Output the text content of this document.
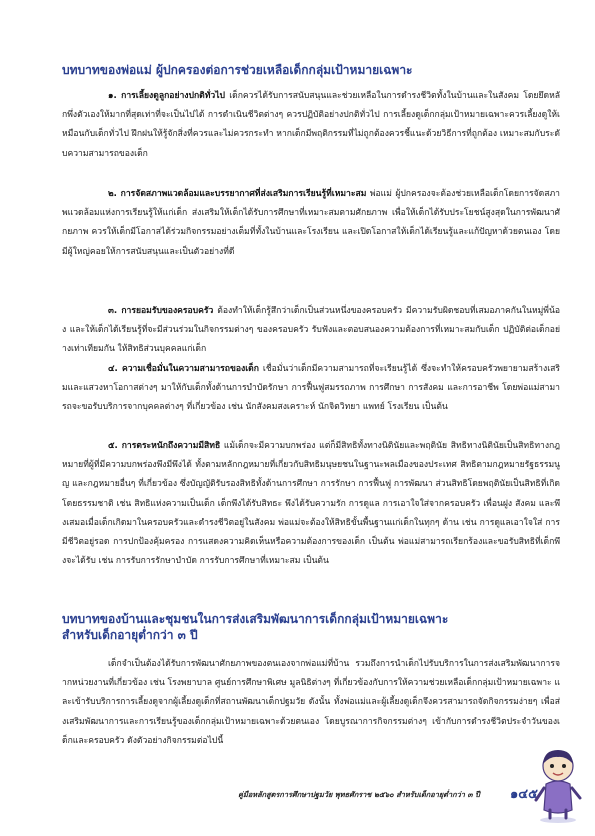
บทบาทของพ่อแม่ ผู้ปกครองต่อการช่วยเหลือเด็กกลุ่มเป้าหมายเฉพาะ

๑. การเลี้ยงดูลูกอย่างปกติทั่วไป เด็กควรได้รับการสนับสนุนและช่วยเหลือในการดำรงชีวิตทั้งในบ้านและในสังคม โดยยึดหลักพึ่งตัวเองให้มากที่สุดเท่าที่จะเป็นไปได้ การดำเนินชีวิตต่างๆ ควรปฏิบัติอย่างปกติทั่วไป การเลี้ยงดูเด็กกลุ่มเป้าหมายเฉพาะควรเลี้ยงดูให้เหมือนกับเด็กทั่วไป ฝึกฝนให้รู้จักสิ่งที่ควรและไม่ควรกระทำ หากเด็กมีพฤติกรรมที่ไม่ถูกต้องควรชี้แนะด้วยวิธีการที่ถูกต้อง เหมาะสมกับระดับความสามารถของเด็ก

๒. การจัดสภาพแวดล้อมและบรรยากาศที่ส่งเสริมการเรียนรู้ที่เหมาะสม พ่อแม่ ผู้ปกครองจะต้องช่วยเหลือเด็กโดยการจัดสภาพแวดล้อมแห่งการเรียนรู้ให้แก่เด็ก ส่งเสริมให้เด็กได้รับการศึกษาที่เหมาะสมตามศักยภาพ เพื่อให้เด็กได้รับประโยชน์สูงสุดในการพัฒนาศักยภาพ ควรให้เด็กมีโอกาสได้ร่วมกิจกรรมอย่างเต็มที่ทั้งในบ้านและโรงเรียน และเปิดโอกาสให้เด็กได้เรียนรู้และแก้ปัญหาด้วยตนเอง โดยมีผู้ใหญ่คอยให้การสนับสนุนและเป็นตัวอย่างที่ดี

๓. การยอมรับของครอบครัว ต้องทำให้เด็กรู้สึกว่าเด็กเป็นส่วนหนึ่งของครอบครัว มีความรับผิดชอบที่เสมอภาคกันในหมู่พี่น้อง และให้เด็กได้เรียนรู้ที่จะมีส่วนร่วมในกิจกรรมต่างๆ ของครอบครัว รับฟังและตอบสนองความต้องการที่เหมาะสมกับเด็ก ปฏิบัติต่อเด็กอย่างเท่าเทียมกัน ให้สิทธิส่วนบุคคลแก่เด็ก

๔. ความเชื่อมั่นในความสามารถของเด็ก เชื่อมั่นว่าเด็กมีความสามารถที่จะเรียนรู้ได้ ซึ่งจะทำให้ครอบครัวพยายามสร้างเสริมและแสวงหาโอกาสต่างๆ มาให้กับเด็กทั้งด้านการบำบัดรักษา การฟื้นฟูสมรรถภาพ การศึกษา การสังคม และการอาชีพ โดยพ่อแม่สามารถจะขอรับบริการจากบุคคลต่างๆ ที่เกี่ยวข้อง เช่น นักสังคมสงเคราะห์ นักจิตวิทยา แพทย์ โรงเรียน เป็นต้น

๕. การตระหนักถึงความมีสิทธิ แม้เด็กจะมีความบกพร่อง แต่ก็มีสิทธิทั้งทางนิตินัยและพฤตินัย สิทธิทางนิตินัยเป็นสิทธิทางกฎหมายที่ผู้ที่มีความบกพร่องพึงมีพึงได้ ทั้งตามหลักกฎหมายที่เกี่ยวกับสิทธิมนุษยชนในฐานะพลเมืองของประเทศ สิทธิตามกฎหมายรัฐธรรมนูญ และกฎหมายอื่นๆ ที่เกี่ยวข้อง ซึ่งบัญญัติรับรองสิทธิทั้งด้านการศึกษา การรักษา การฟื้นฟู การพัฒนา ส่วนสิทธิโดยพฤตินัยเป็นสิทธิที่เกิดโดยธรรมชาติ เช่น สิทธิแห่งความเป็นเด็ก เด็กพึงได้รับสิทธะ พึงได้รับความรัก การดูแล การเอาใจใส่จากครอบครัว เพื่อนฝูง สังคม และพึงเสมอเมื่อเด็กเกิดมาในครอบครัวและดำรงชีวิตอยู่ในสังคม พ่อแม่จะต้องให้สิทธิขั้นพื้นฐานแก่เด็กในทุกๆ ด้าน เช่น การดูแลเอาใจใส่ การมีชีวิตอยู่รอด การปกป้องคุ้มครอง การแสดงความคิดเห็นหรือความต้องการของเด็ก เป็นต้น พ่อแม่สามารถเรียกร้องและขอรับสิทธิที่เด็กพึงจะได้รับ เช่น การรับการรักษาบำบัด การรับการศึกษาที่เหมาะสม เป็นต้น

บทบาทของบ้านและชุมชนในการส่งเสริมพัฒนาการเด็กกลุ่มเป้าหมายเฉพาะ
สำหรับเด็กอายุต่ำกว่า ๓ ปี

เด็กจำเป็นต้องได้รับการพัฒนาศักยภาพของตนเองจากพ่อแม่ที่บ้าน รวมถึงการนำเด็กไปรับบริการในการส่งเสริมพัฒนาการจากหน่วยงานที่เกี่ยวข้อง เช่น โรงพยาบาล ศูนย์การศึกษาพิเศษ มูลนิธิต่างๆ ที่เกี่ยวข้องกับการให้ความช่วยเหลือเด็กกลุ่มเป้าหมายเฉพาะ และเข้ารับบริการการเลี้ยงดูจากผู้เลี้ยงดูเด็กที่สถานพัฒนาเด็กปฐมวัย ดังนั้น ทั้งพ่อแม่และผู้เลี้ยงดูเด็กจึงควรสามารถจัดกิจกรรมง่ายๆ เพื่อส่งเสริมพัฒนาการและการเรียนรู้ของเด็กกลุ่มเป้าหมายเฉพาะด้วยตนเอง โดยบูรณาการกิจกรรมต่างๆ เข้ากับการดำรงชีวิตประจำวันของเด็กและครอบครัว ดังตัวอย่างกิจกรรมต่อไปนี้

คู่มือหลักสูตรการศึกษาปฐมวัย พุทธศักราช ๒๕๖๐ สำหรับเด็กอายุต่ำกว่า ๓ ปี	๑๔๕
